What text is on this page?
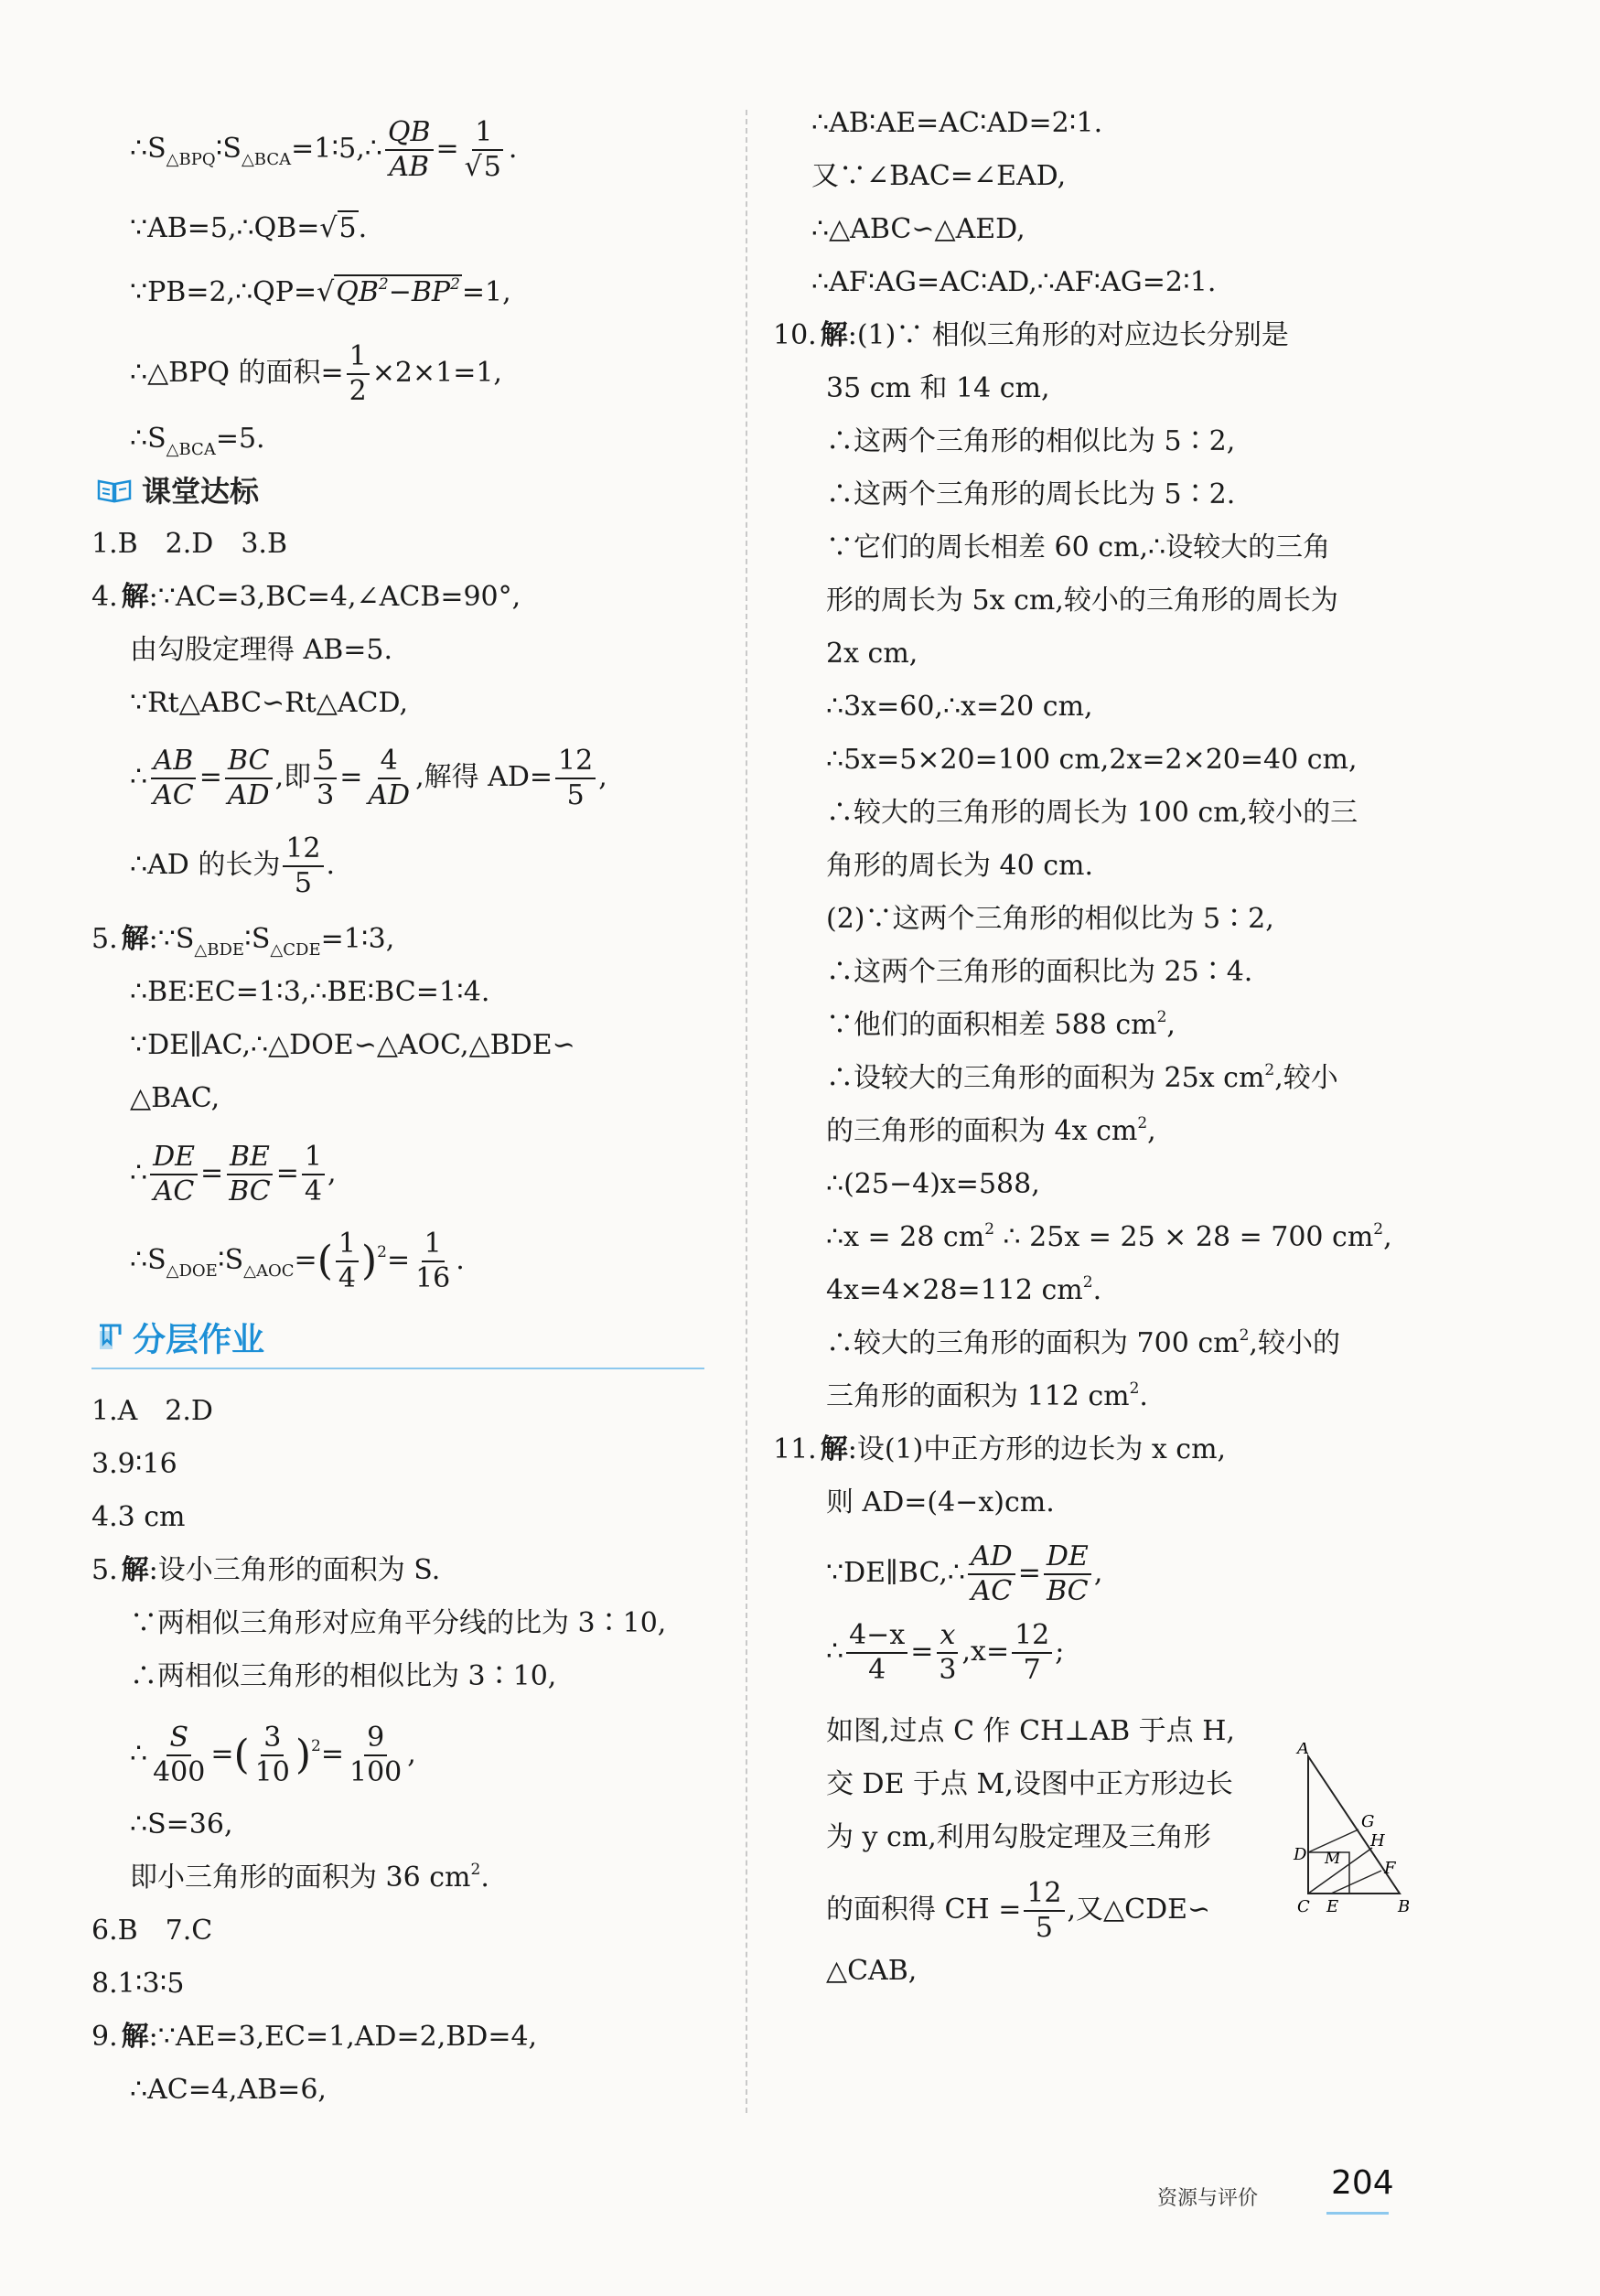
$\therefore S_{\triangle BPQ}∶S_{\triangle BCA}=1∶5,\therefore \frac{QB}{AB} = \frac{1}{√5}$ .
∵AB=5,∴QB=√5.
$\because PB=2,\therefore QP=√QB^2-BP^2=1$,
∴△BPQ 的面积= $\frac{1}{2} \times 2\times 1=1$,
$\therefore S_{\triangle BCA}=5$.
课堂达标
1.B　2.D　3.B
4. 解:∵AC=3,BC=4,∠ACB=90°,
由勾股定理得 AB=5.
∵Rt△ABC∽Rt△ACD,
∴ $\frac{AB}{AC} = \frac{BC}{AD}$ ,即 $\frac{5}{3} = \frac{4}{AD}$ ,解得 $AD= \frac{12}{5}$ ,
∴AD 的长为 $\frac{12}{5}$ .
5. 解$:\because S_{\triangle BDE}∶S_{\triangle CDE}=1∶3$,
∴BE∶EC=1∶3,∴BE∶BC=1∶4.
∵DE∥AC,∴△DOE∽△AOC,△BDE∽
△BAC,
∴ $\frac{DE}{AC} = \frac{BE}{BC} = \frac{1}{4}$ ,
$\therefore S_{\triangle DOE}∶S_{\triangle AOC}=( \frac{1}{4} )^2= \frac{1}{16}$ .
分层作业
1.A　2.D
3.9∶16
4.3 cm
5. 解:设小三角形的面积为 S.
∵两相似三角形对应角平分线的比为 3∶10,
∴两相似三角形的相似比为 3∶10,
∴ $\frac{S}{400}$ =( $\frac{3}{10} )^2= \frac{9}{100}$ ,
∴S=36,
即小三角形的面积为 36 $cm^2$.
6.B　7.C
8.1∶3∶5
9. 解:∵AE=3,EC=1,AD=2,BD=4,
∴AC=4,AB=6,
∴AB∶AE=AC∶AD=2∶1.
又∵∠BAC=∠EAD,
∴△ABC∽△AED,
∴AF∶AG=AC∶AD,∴AF∶AG=2∶1.
10. 解:(1)∵ 相似三角形的对应边长分别是
35 cm 和 14 cm,
∴这两个三角形的相似比为 5∶2,
∴这两个三角形的周长比为 5∶2.
∵它们的周长相差 60 cm,∴设较大的三角
形的周长为 5x cm,较小的三角形的周长为
2x cm,
∴3x=60,∴x=20 cm,
∴5x=5×20=100 cm,2x=2×20=40 cm,
∴较大的三角形的周长为 100 cm,较小的三
角形的周长为 40 cm.
(2)∵这两个三角形的相似比为 5∶2,
∴这两个三角形的面积比为 25∶4.
∵他们的面积相差 588 $cm^2$,
∴设较大的三角形的面积为 25x $cm^2$,较小
的三角形的面积为 4x $cm^2$,
∴(25−4)x=588,
∴x = 28 $cm^2$ ∴ 25x = 25 × 28 = 700 $cm^2$,
4x=4×28=112 $cm^2$.
∴较大的三角形的面积为 700 $cm^2$,较小的
三角形的面积为 112 $cm^2$.
11. 解:设(1)中正方形的边长为 x cm,
则 AD=(4−x)cm.
∵DE∥BC,∴ $\frac{AD}{AC} = \frac{DE}{BC}$ ,
∴ $\frac{4-x}{4} = \frac{x}{3} ,x= \frac{12}{7}$ ;
如图,过点 C 作 CH⊥AB 于点 H,
交 DE 于点 M,设图中正方形边长
为 y cm,利用勾股定理及三角形
的面积得 CH = $\frac{12}{5}$ ,又△CDE∽
△CAB,
A
B
C
D
E
F
G
H
M
资源与评价 204
